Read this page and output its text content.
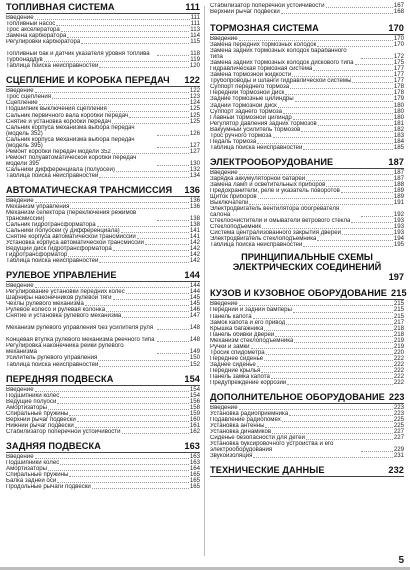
ТОПЛИВНАЯ СИСТЕМА	111
Введение	111
Топливный насос	111
Трос акселератора	113
Замена карбюратора	114
Регулировки карбюратора	115
Топливный бак и датчик указателя уровня топлива	118
Турбонаддув	119
Таблица поиска неисправностей	120
СЦЕПЛЕНИЕ И КОРОБКА ПЕРЕДАЧ	122
Введение	122
Трос сцепления	123
Сцепление	124
Подшипник выключения сцепления	125
Сальник первичного вала коробки передач	125
Снятие и установка коробки передач	125
Сальник корпуса механизма выбора передач (модель 352)	126
Сальник корпуса механизма выбора передач (модель 395)	127
Ремонт коробки передач модели 352	127
Ремонт полуавтоматической коробки передач модели 395	130
Сальники дифференциала (полуосей)	132
Таблица поиска неисправностей	134
АВТОМАТИЧЕСКАЯ ТРАНСМИССИЯ	136
Введение	136
Механизм управления	136
Механизм селектора (переключения режимов трансмиссии)	138
Сальник гидротрансформатора	138
Сальники полуосей (у дифференциала)	141
Снятие корпуса автоматической трансмиссии	141
Установка корпуса автоматической трансмиссии	142
Ведущий диск гидротрансформатора	142
Гидротрансформатор	142
Таблица поиска неисправностей	142
РУЛЕВОЕ УПРАВЛЕНИЕ	144
Введение	144
Регулирование установки передних колес	144
Шарниры наконечников рулевой тяги	145
Чехлы рулевого механизма	145
Рулевое колесо и рулевая колонка	146
Снятие и установка рулевого механизма	147
Механизм рулевого управления без усилителя руля	148
Концевая втулка рулевого механизма реечного типа	148
Регулировка наконечника рейки рулевого механизма	149
Усилитель рулевого управления	150
Таблица поиска неисправностей	152
ПЕРЕДНЯЯ ПОДВЕСКА	154
Введение	154
Подшипники колес	154
Ведущие полуоси	156
Амортизаторы	158
Спиральные пружины	159
Верхний рычаг подвески	160
Нижний рычаг подвески	161
Стабилизатор поперечной устойчивости	162
ЗАДНЯЯ ПОДВЕСКА	163
Введение	163
Подшипники колес	163
Амортизаторы	164
Спиральные пружины	165
Балка задней оси	165
Продольные рычаги подвески	165
Стабилизатор поперечной устойчивости	167
Верхний рычаг подвески	168
ТОРМОЗНАЯ СИСТЕМА	170
Введение	170
Замена передних тормозных колодок	170
Замена задних тормозных колодок барабанного типа	172
Замена задних тормозных колодок дискового типа	175
Гидравлическая тормозная система	177
Замена тормозной жидкости	177
Трубопроводы и шланги гидравлической системы	177
Суппорт переднего тормоза	178
Передний тормозной диск	178
Задние тормозные цилиндры	179
Задний тормозной диск	180
Суппорт заднего тормоза	180
Главный тормозной цилиндр	180
Регулятор давления задних тормозов	181
Вакуумный усилитель тормозов	182
Трос ручного тормоза	183
Педаль тормоза	184
Таблица поиска неисправностей	185
ЭЛЕКТРООБОРУДОВАНИЕ	187
Введение	187
Зарядка аккумуляторной батареи	187
Замена ламп и осветительных приборов	188
Предохранители, реле и указатель поворотов	189
Щиток приборов	189
Выключатели	191
Электродвигатель вентилятора обогревателя салона	192
Стеклоочистители и омыватели ветрового стекла	193
Стеклоподъемник	193
Система централизованного закрытия дверей	193
Электродвигатель стеклоподъемника	194
Таблица поиска неисправностей	195
ПРИНЦИПИАЛЬНЫЕ СХЕМЫ ЭЛЕКТРИЧЕСКИХ СОЕДИНЕНИЙ
197
КУЗОВ И КУЗОВНОЕ ОБОРУДОВАНИЕ 215
Введение	215
Передний и задний бамперы	215
Панель капота	215
Замок капота и его привод	217
Крышка багажника	218
Панель обивки дверей	218
Механизм стеклоподъемника	219
Ручки и замки	219
Тросик спидометра	220
Переднее сиденье	222
Заднее сиденье	222
Передние крылья	222
Панель замка капота	222
Предупреждение коррозии	222
ДОПОЛНИТЕЛЬНОЕ ОБОРУДОВАНИЕ 223
Введение	223
Установка радиоприемника	223
Подавление радиопомех	225
Установка антенны	225
Установка динамиков	227
Сиденье безопасности для детей	227
Установка буксировочного устройства и его электрооборудования	229
Звукоизоляция	231
ТЕХНИЧЕСКИЕ ДАННЫЕ	232
5
